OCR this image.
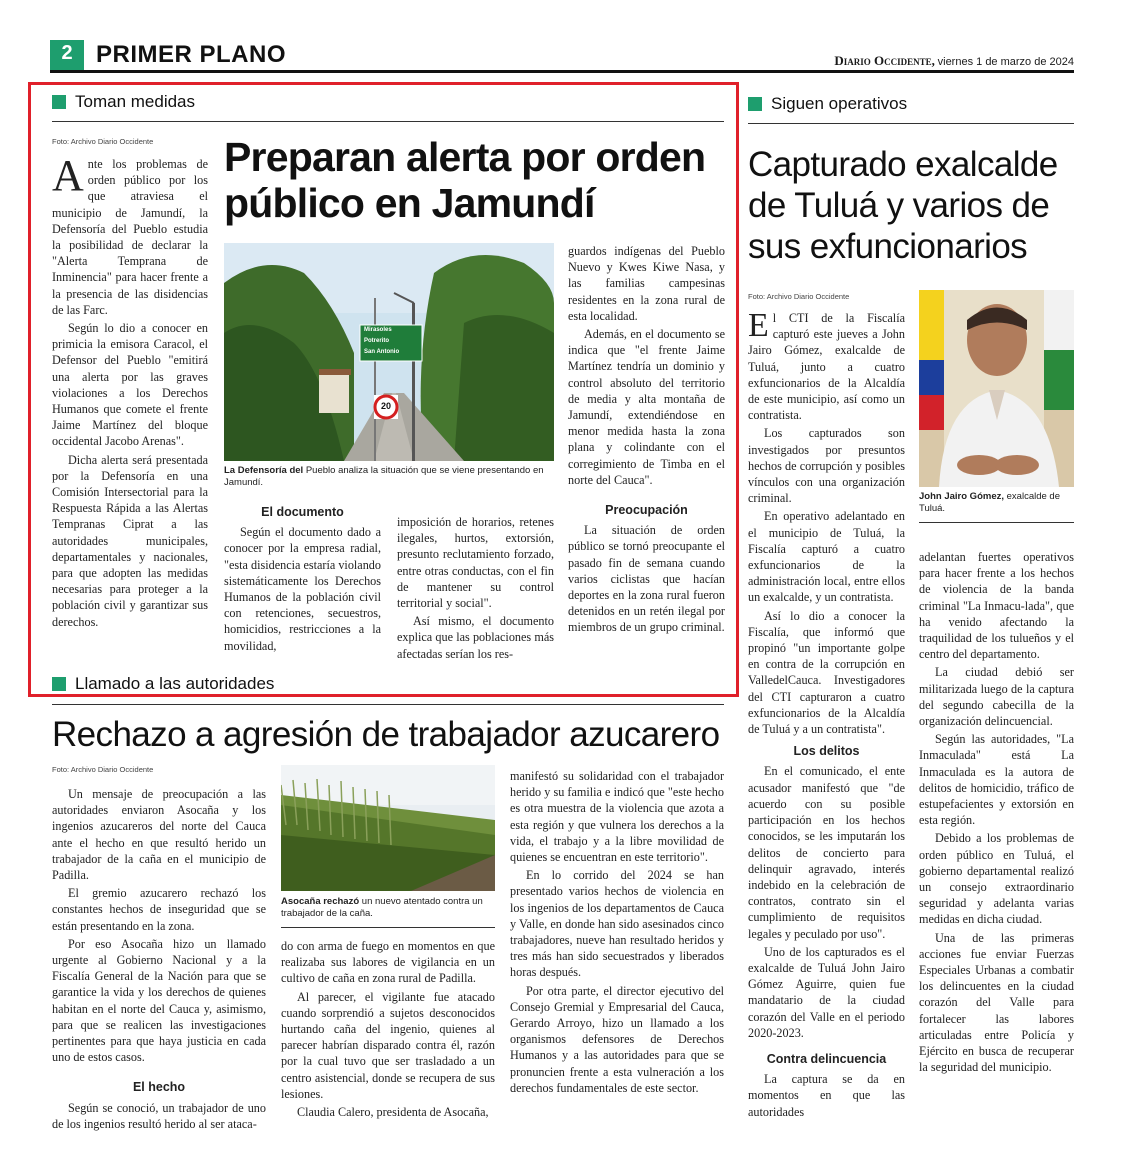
2 PRIMER PLANO	Diario Occidente, viernes 1 de marzo de 2024
Toman medidas
Foto: Archivo Diario Occidente

Ante los problemas de orden público por los que atraviesa el municipio de Jamundí, la Defensoría del Pueblo estudia la posibilidad de declarar la "Alerta Temprana de Inminencia" para hacer frente a la presencia de las disidencias de las Farc.

Según lo dio a conocer en primicia la emisora Caracol, el Defensor del Pueblo "emitirá una alerta por las graves violaciones a los Derechos Humanos que comete el frente Jaime Martínez del bloque occidental Jacobo Arenas".

Dicha alerta será presentada por la Defensoría en una Comisión Intersectorial para la Respuesta Rápida a las Alertas Tempranas Ciprat a las autoridades municipales, departamentales y nacionales, para que adopten las medidas necesarias para proteger a la población civil y garantizar sus derechos.

Preparan alerta por orden público en Jamundí
Mirasoles
Potrerito
San Antonio
20
La Defensoría del Pueblo analiza la situación que se viene presentando en Jamundí.
El documento

Según el documento dado a conocer por la empresa radial, "esta disidencia estaría violando sistemáticamente los Derechos Humanos de la población civil con retenciones, secuestros, homicidios, restricciones a la movilidad,

imposición de horarios, retenes ilegales, hurtos, extorsión, presunto reclutamiento forzado, entre otras conductas, con el fin de mantener su control territorial y social".

Así mismo, el documento explica que las poblaciones más afectadas serían los res-

guardos indígenas del Pueblo Nuevo y Kwes Kiwe Nasa, y las familias campesinas residentes en la zona rural de esta localidad.

Además, en el documento se indica que "el frente Jaime Martínez tendría un dominio y control absoluto del territorio de media y alta montaña de Jamundí, extendiéndose en menor medida hasta la zona plana y colindante con el corregimiento de Timba en el norte del Cauca".

Preocupación

La situación de orden público se tornó preocupante el pasado fin de semana cuando varios ciclistas que hacían deportes en la zona rural fueron detenidos en un retén ilegal por miembros de un grupo criminal.

Siguen operativos
Capturado exalcalde de Tuluá y varios de sus exfuncionarios
Foto: Archivo Diario Occidente
John Jairo Gómez, exalcalde de Tuluá.

El CTI de la Fiscalía capturó este jueves a John Jairo Gómez, exalcalde de Tuluá, junto a cuatro exfuncionarios de la Alcaldía de este municipio, así como un contratista.

Los capturados son investigados por presuntos hechos de corrupción y posibles vínculos con una organización criminal.

En operativo adelantado en el municipio de Tuluá, la Fiscalía capturó a cuatro exfuncionarios de la administración local, entre ellos un exalcalde, y un contratista.

Así lo dio a conocer la Fiscalía, que informó que propinó "un importante golpe en contra de la corrupción en ValledelCauca. Investigadores del CTI capturaron a cuatro exfuncionarios de la Alcaldía de Tuluá y a un contratista".

Los delitos

En el comunicado, el ente acusador manifestó que "de acuerdo con su posible participación en los hechos conocidos, se les imputarán los delitos de concierto para delinquir agravado, interés indebido en la celebración de contratos, contrato sin el cumplimiento de requisitos legales y peculado por uso".

Uno de los capturados es el exalcalde de Tuluá John Jairo Gómez Aguirre, quien fue mandatario de la ciudad corazón del Valle en el periodo 2020-2023.

Contra delincuencia

La captura se da en momentos en que las autoridades

adelantan fuertes operativos para hacer frente a los hechos de violencia de la banda criminal "La Inmacu-lada", que ha venido afectando la traquilidad de los tulueños y el centro del departamento.

La ciudad debió ser militarizada luego de la captura del segundo cabecilla de la organización delincuencial.

Según las autoridades, "La Inmaculada" está La Inmaculada es la autora de delitos de homicidio, tráfico de estupefacientes y extorsión en esta región.

Debido a los problemas de orden público en Tuluá, el gobierno departamental realizó un consejo extraordinario seguridad y adelanta varias medidas en dicha ciudad.

Una de las primeras acciones fue enviar Fuerzas Especiales Urbanas a combatir los delincuentes en la ciudad corazón del Valle para fortalecer las labores articuladas entre Policía y Ejército en busca de recuperar la seguridad del municipio.

Llamado a las autoridades
Rechazo a agresión de trabajador azucarero
Foto: Archivo Diario Occidente

Un mensaje de preocupación a las autoridades enviaron Asocaña y los ingenios azucareros del norte del Cauca ante el hecho en que resultó herido un trabajador de la caña en el municipio de Padilla.

El gremio azucarero rechazó los constantes hechos de inseguridad que se están presentando en la zona.

Por eso Asocaña hizo un llamado urgente al Gobierno Nacional y a la Fiscalía General de la Nación para que se garantice la vida y los derechos de quienes habitan en el norte del Cauca y, asimismo, para que se realicen las investigaciones pertinentes para que haya justicia en cada uno de estos casos.

El hecho

Según se conoció, un trabajador de uno de los ingenios resultó herido al ser ataca-

Asocaña rechazó un nuevo atentado contra un trabajador de la caña.

do con arma de fuego en momentos en que realizaba sus labores de vigilancia en un cultivo de caña en zona rural de Padilla.

Al parecer, el vigilante fue atacado cuando sorprendió a sujetos desconocidos hurtando caña del ingenio, quienes al parecer habrían disparado contra él, razón por la cual tuvo que ser trasladado a un centro asistencial, donde se recupera de sus lesiones.

Claudia Calero, presidenta de Asocaña,

manifestó su solidaridad con el trabajador herido y su familia e indicó que "este hecho es otra muestra de la violencia que azota a esta región y que vulnera los derechos a la vida, el trabajo y a la libre movilidad de quienes se encuentran en este territorio".

En lo corrido del 2024 se han presentado varios hechos de violencia en los ingenios de los departamentos de Cauca y Valle, en donde han sido asesinados cinco trabajadores, nueve han resultado heridos y tres más han sido secuestrados y liberados horas después.

Por otra parte, el director ejecutivo del Consejo Gremial y Empresarial del Cauca, Gerardo Arroyo, hizo un llamado a los organismos defensores de Derechos Humanos y a las autoridades para que se pronuncien frente a esta vulneración a los derechos fundamentales de este sector.
